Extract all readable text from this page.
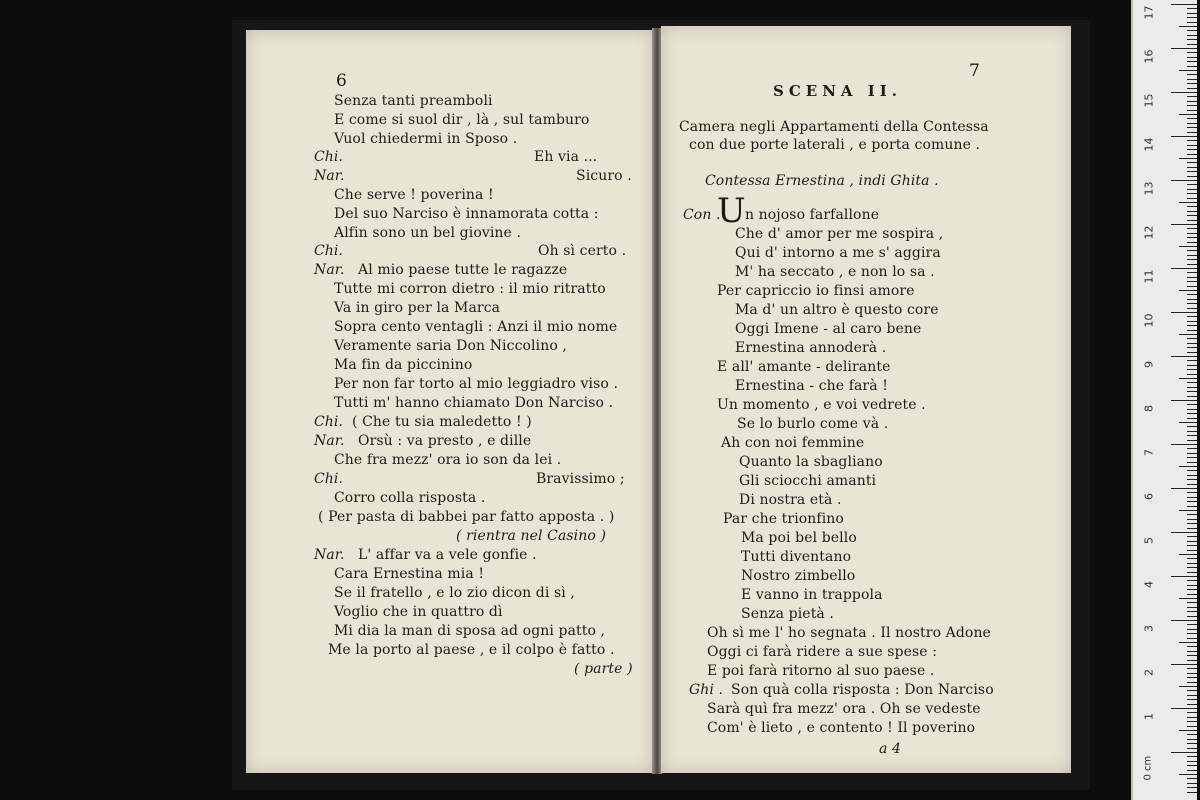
6
Senza tanti preamboli
E come si suol dir , là , sul tamburo
Vuol chiedermi in Sposo .
Chi.	Eh via ...
Nar.	Sicuro .
Che serve ! poverina !
Del suo Narciso è innamorata cotta :
Alfin sono un bel giovine .
Chi.	Oh sì certo .
Nar. Al mio paese tutte le ragazze
Tutte mi corron dietro : il mio ritratto
Va in giro per la Marca
Sopra cento ventagli : Anzi il mio nome
Veramente saria Don Niccolino ,
Ma fin da piccinino
Per non far torto al mio leggiadro viso .
Tutti m' hanno chiamato Don Narciso .
Chi. ( Che tu sia maledetto ! )
Nar. Orsù : va presto , e dille
Che fra mezz' ora io son da lei .
Chi.	Bravissimo ;
Corro colla risposta .
( Per pasta di babbei par fatto apposta . )
( rientra nel Casino )
Nar. L' affar va a vele gonfie .
Cara Ernestina mia !
Se il fratello , e lo zio dicon di sì ,
Voglio che in quattro dì
Mi dia la man di sposa ad ogni patto ,
Me la porto al paese , e il colpo è fatto .
( parte )
7
SCENA II.
Camera negli Appartamenti della Contessa
con due porte laterali , e porta comune .
Contessa Ernestina , indi Ghita .
Con .
U n nojoso farfallone
Che d' amor per me sospira ,
Qui d' intorno a me s' aggira
M' ha seccato , e non lo sa .
Per capriccio io finsi amore
Ma d' un altro è questo core
Oggi Imene - al caro bene
Ernestina annoderà .
E all' amante - delirante
Ernestina - che farà !
Un momento , e voi vedrete .
Se lo burlo come và .
Ah con noi femmine
Quanto la sbagliano
Gli sciocchi amanti
Di nostra età .
Par che trionfino
Ma poi bel bello
Tutti diventano
Nostro zimbello
E vanno in trappola
Senza pietà .
Oh sì me l' ho segnata . Il nostro Adone
Oggi ci farà ridere a sue spese :
E poi farà ritorno al suo paese .
Ghi . Son quà colla risposta : Don Narciso
Sarà quì fra mezz' ora . Oh se vedeste
Com' è lieto , e contento ! Il poverino
a 4
17
16
15
14
13
12
11
10
9
8
7
6
5
4
3
2
1
0 cm
